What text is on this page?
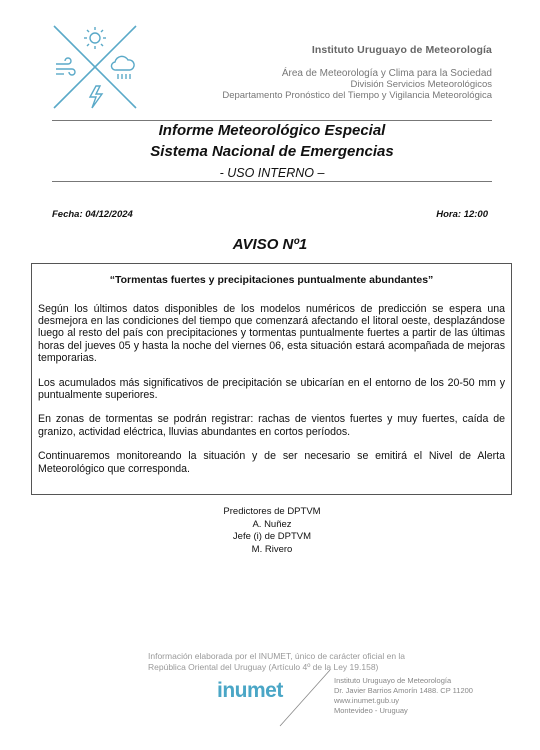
Instituto Uruguayo de Meteorología
Área de Meteorología y Clima para la Sociedad
División Servicios Meteorológicos
Departamento Pronóstico del Tiempo y Vigilancia Meteorológica
Informe Meteorológico Especial
Sistema Nacional de Emergencias
- USO INTERNO –
Fecha: 04/12/2024	Hora: 12:00
AVISO Nº1
“Tormentas fuertes y precipitaciones puntualmente abundantes”

Según los últimos datos disponibles de los modelos numéricos de predicción se espera una desmejora en las condiciones del tiempo que comenzará afectando el litoral oeste, desplazándose luego al resto del país con precipitaciones y tormentas puntualmente fuertes a partir de las últimas horas del jueves 05 y hasta la noche del viernes 06, esta situación estará acompañada de mejoras temporarias.

Los acumulados más significativos de precipitación se ubicarían en el entorno de los 20-50 mm y puntualmente superiores.

En zonas de tormentas se podrán registrar: rachas de vientos fuertes y muy fuertes, caída de granizo, actividad eléctrica, lluvias abundantes en cortos períodos.

Continuaremos monitoreando la situación y de ser necesario se emitirá el Nivel de Alerta Meteorológico que corresponda.

Predictores de DPTVM
A. Nuñez
Jefe (i) de DPTVM
M. Rivero
Información elaborada por el INUMET, único de carácter oficial en la
República Oriental del Uruguay (Artículo 4º de la Ley 19.158)
inumet	Instituto Uruguayo de Meteorología
Dr. Javier Barrios Amorín 1488. CP 11200
www.inumet.gub.uy
Montevideo - Uruguay
